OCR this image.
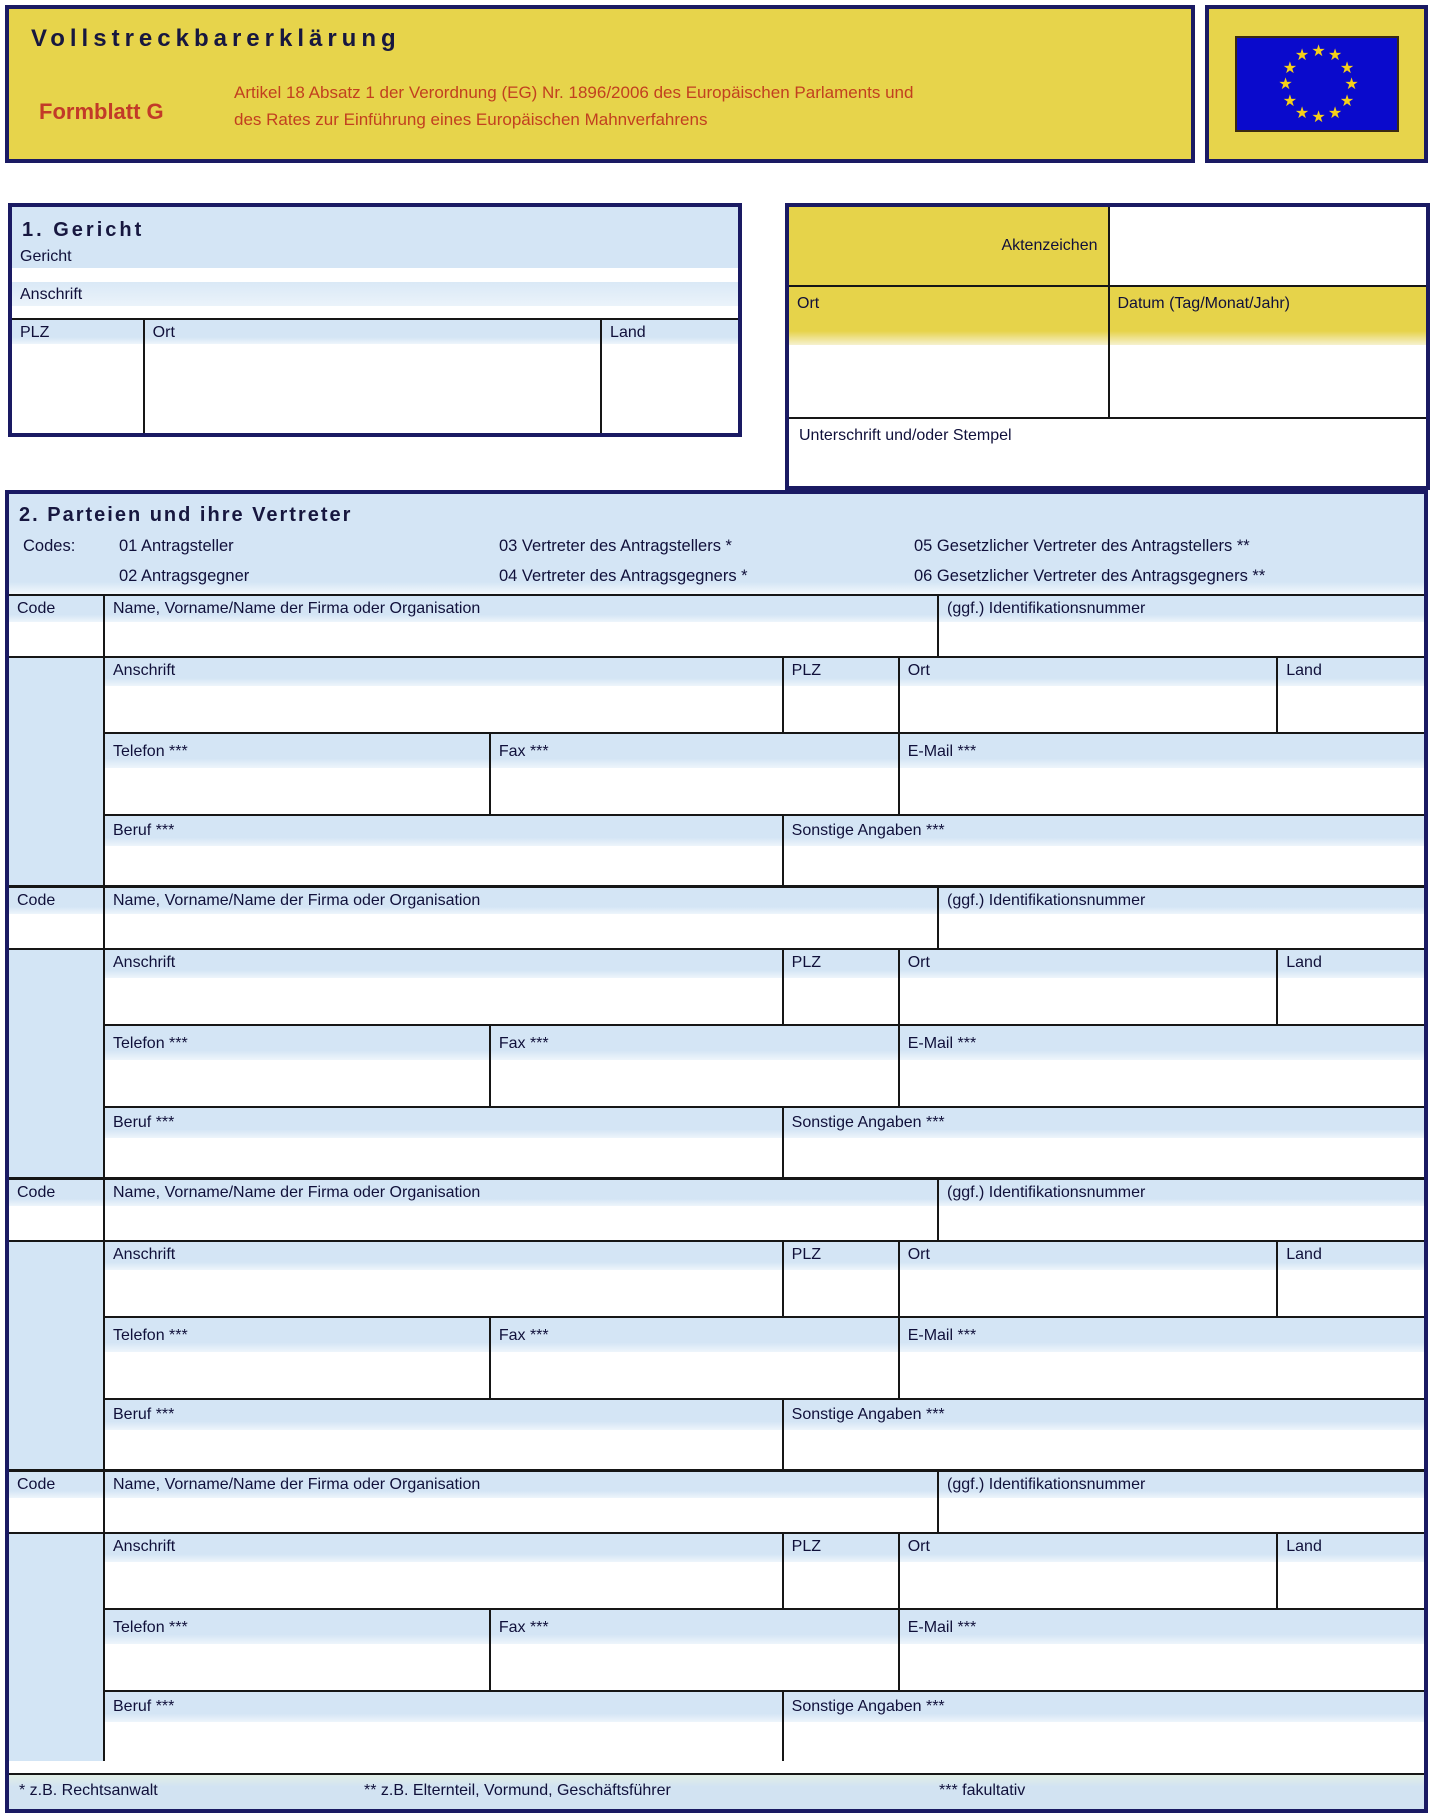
Vollstreckbarerklärung
Formblatt G
Artikel 18 Absatz 1 der Verordnung (EG) Nr. 1896/2006 des Europäischen Parlaments und
des Rates zur Einführung eines Europäischen Mahnverfahrens
★ ★
★
★
★
★
★
★
★
★
★
★
1. Gericht
Gericht
Anschrift
PLZ	Ort	Land
Aktenzeichen
Ort	Datum (Tag/Monat/Jahr)
Unterschrift und/oder Stempel
2. Parteien und ihre Vertreter
Codes:	01 Antragsteller	03 Vertreter des Antragstellers *	05 Gesetzlicher Vertreter des Antragstellers **
02 Antragsgegner	04 Vertreter des Antragsgegners *	06 Gesetzlicher Vertreter des Antragsgegners **
Code	Name, Vorname/Name der Firma oder Organisation	(ggf.) Identifikationsnummer
Anschrift	PLZ	Ort	Land
Telefon ***	Fax ***	E-Mail ***
Beruf ***	Sonstige Angaben ***
Code	Name, Vorname/Name der Firma oder Organisation	(ggf.) Identifikationsnummer
Anschrift	PLZ	Ort	Land
Telefon ***	Fax ***	E-Mail ***
Beruf ***	Sonstige Angaben ***
Code	Name, Vorname/Name der Firma oder Organisation	(ggf.) Identifikationsnummer
Anschrift	PLZ	Ort	Land
Telefon ***	Fax ***	E-Mail ***
Beruf ***	Sonstige Angaben ***
Code	Name, Vorname/Name der Firma oder Organisation	(ggf.) Identifikationsnummer
Anschrift	PLZ	Ort	Land
Telefon ***	Fax ***	E-Mail ***
Beruf ***	Sonstige Angaben ***
* z.B. Rechtsanwalt	** z.B. Elternteil, Vormund, Geschäftsführer	*** fakultativ
